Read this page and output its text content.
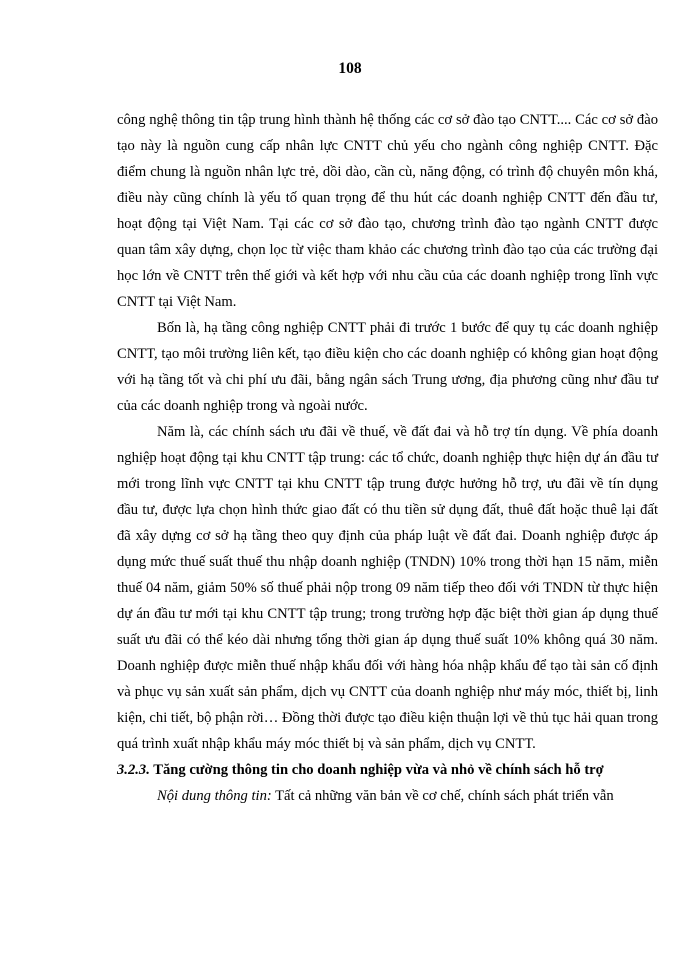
108

công nghệ thông tin tập trung hình thành hệ thống các cơ sở đào tạo CNTT.... Các cơ sở đào tạo này là nguồn cung cấp nhân lực CNTT chủ yếu cho ngành công nghiệp CNTT. Đặc điểm chung là nguồn nhân lực trẻ, dồi dào, cần cù, năng động, có trình độ chuyên môn khá, điều này cũng chính là yếu tố quan trọng để thu hút các doanh nghiệp CNTT đến đầu tư, hoạt động tại Việt Nam. Tại các cơ sở đào tạo, chương trình đào tạo ngành CNTT được quan tâm xây dựng, chọn lọc từ việc tham khảo các chương trình đào tạo của các trường đại học lớn về CNTT trên thế giới và kết hợp với nhu cầu của các doanh nghiệp trong lĩnh vực CNTT tại Việt Nam.

Bốn là, hạ tầng công nghiệp CNTT phải đi trước 1 bước để quy tụ các doanh nghiệp CNTT, tạo môi trường liên kết, tạo điều kiện cho các doanh nghiệp có không gian hoạt động với hạ tầng tốt và chi phí ưu đãi, bằng ngân sách Trung ương, địa phương cũng như đầu tư của các doanh nghiệp trong và ngoài nước.

Năm là, các chính sách ưu đãi về thuế, về đất đai và hỗ trợ tín dụng. Về phía doanh nghiệp hoạt động tại khu CNTT tập trung: các tổ chức, doanh nghiệp thực hiện dự án đầu tư mới trong lĩnh vực CNTT tại khu CNTT tập trung được hưởng hỗ trợ, ưu đãi về tín dụng đầu tư, được lựa chọn hình thức giao đất có thu tiền sử dụng đất, thuê đất hoặc thuê lại đất đã xây dựng cơ sở hạ tầng theo quy định của pháp luật về đất đai. Doanh nghiệp được áp dụng mức thuế suất thuế thu nhập doanh nghiệp (TNDN) 10% trong thời hạn 15 năm, miễn thuế 04 năm, giảm 50% số thuế phải nộp trong 09 năm tiếp theo đối với TNDN từ thực hiện dự án đầu tư mới tại khu CNTT tập trung; trong trường hợp đặc biệt thời gian áp dụng thuế suất ưu đãi có thể kéo dài nhưng tổng thời gian áp dụng thuế suất 10% không quá 30 năm. Doanh nghiệp được miễn thuế nhập khẩu đối với hàng hóa nhập khẩu để tạo tài sản cố định và phục vụ sản xuất sản phẩm, dịch vụ CNTT của doanh nghiệp như máy móc, thiết bị, linh kiện, chi tiết, bộ phận rời… Đồng thời được tạo điều kiện thuận lợi về thủ tục hải quan trong quá trình xuất nhập khẩu máy móc thiết bị và sản phẩm, dịch vụ CNTT.

3.2.3. Tăng cường thông tin cho doanh nghiệp vừa và nhỏ về chính sách hỗ trợ

Nội dung thông tin: Tất cả những văn bản về cơ chế, chính sách phát triển vẫn
